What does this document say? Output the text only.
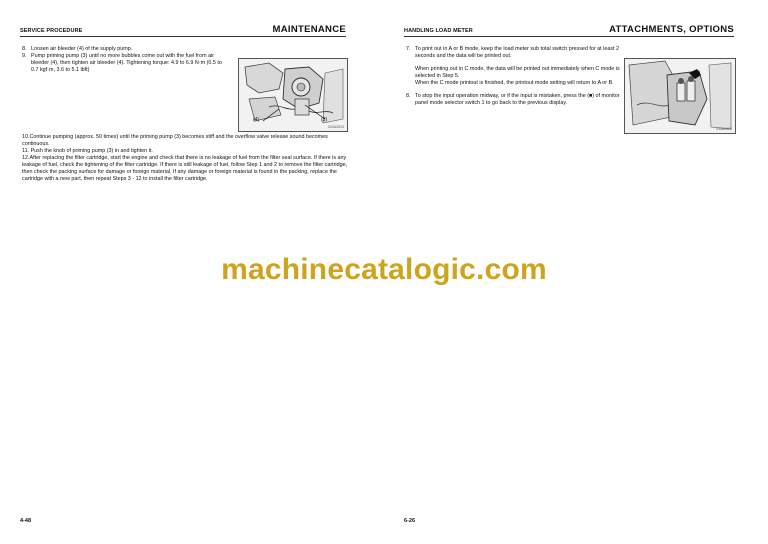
SERVICE PROCEDURE	MAINTENANCE
8. Loosen air bleeder (4) of the supply pump.
9. Pump priming pump (3) until no more bubbles come out with the fuel from air bleeder (4), then tighten air bleeder (4). Tightening torque: 4.9 to 6.9 N·m (0.5 to 0.7 kgf·m, 3.6 to 5.1 lbft)
(4)	(3)
3J0A3313

10.Continue pumping (approx. 50 times) until the priming pump (3) becomes stiff and the overflow valve release sound becomes continuous.

11. Push the knob of priming pump (3) in and tighten it.

12.After replacing the filter cartridge, start the engine and check that there is no leakage of fuel from the filter seal surface. If there is any leakage of fuel, check the tightening of the filter cartridge. If there is still leakage of fuel, follow Step 1 and 2 to remove the filter cartridge, then check the packing surface for damage or foreign material. If any damage or foreign material is found in the packing, replace the cartridge with a new part, then repeat Steps 3 - 12 to install the filter cartridge.

4-48
HANDLING LOAD METER	ATTACHMENTS, OPTIONS
7. To print out in A or B mode, keep the load meter sub total switch pressed for at least 2 seconds and the data will be printed out.

When printing out in C mode, the data will be printed out immediately when C mode is selected in Step 5.

When the C mode printout is finished, the printout mode setting will return to A or B.

8. To stop the input operation midway, or if the input is mistaken, press the (■) of monitor panel mode selector switch 1 to go back to the previous display.
3J0A3404
6-26
machinecatalogic.com
